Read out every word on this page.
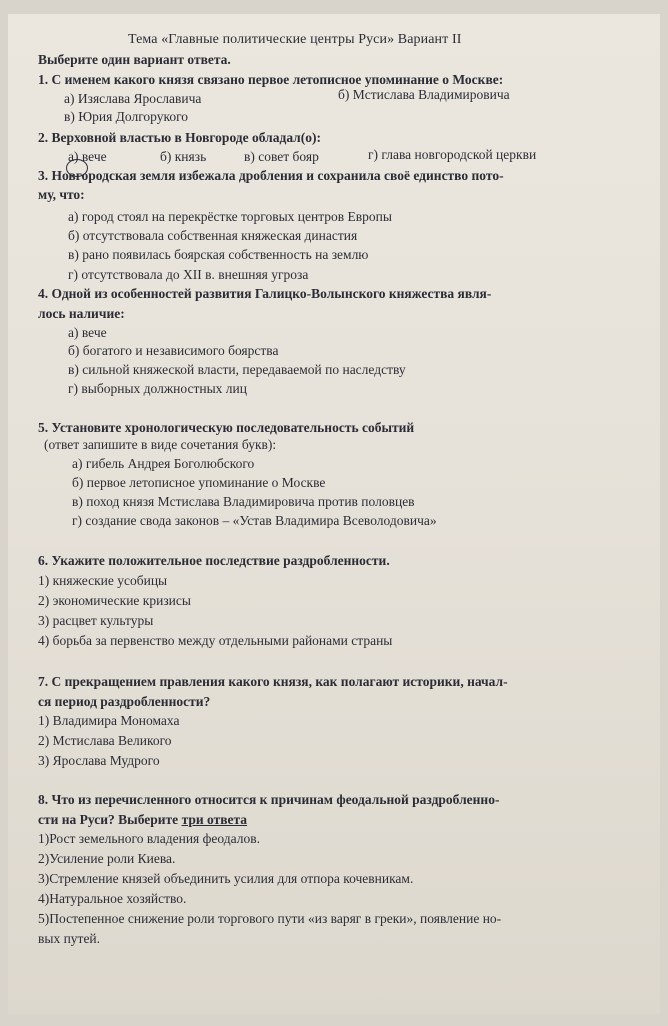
Тема «Главные политические центры Руси» Вариант II
Выберите один вариант ответа.
1. С именем какого князя связано первое летописное упоминание о Москве:
а) Изяслава Ярославича	б) Мстислава Владимировича
в) Юрия Долгорукого
2. Верховной властью в Новгороде обладал(о):
а) вече	б) князь	в) совет бояр	г) глава новгородской церкви
3. Новгородская земля избежала дробления и сохранила своё единство пото-
му, что:
а) город стоял на перекрёстке торговых центров Европы
б) отсутствовала собственная княжеская династия
в) рано появилась боярская собственность на землю
г) отсутствовала до XII в. внешняя угроза
4. Одной из особенностей развития Галицко-Волынского княжества явля-
лось наличие:
а) вече
б) богатого и независимого боярства
в) сильной княжеской власти, передаваемой по наследству
г) выборных должностных лиц
5. Установите хронологическую последовательность событий
(ответ запишите в виде сочетания букв):
а) гибель Андрея Боголюбского
б) первое летописное упоминание о Москве
в) поход князя Мстислава Владимировича против половцев
г) создание свода законов – «Устав Владимира Всеволодовича»
6. Укажите положительное последствие раздробленности.
1) княжеские усобицы
2) экономические кризисы
3) расцвет культуры
4) борьба за первенство между отдельными районами страны
7. С прекращением правления какого князя, как полагают историки, начал-
ся период раздробленности?
1) Владимира Мономаха
2) Мстислава Великого
3) Ярослава Мудрого
8. Что из перечисленного относится к причинам феодальной раздробленно-
сти на Руси? Выберите три ответа
1)Рост земельного владения феодалов.
2)Усиление роли Киева.
3)Стремление князей объединить усилия для отпора кочевникам.
4)Натуральное хозяйство.
5)Постепенное снижение роли торгового пути «из варяг в греки», появление но-
вых путей.
